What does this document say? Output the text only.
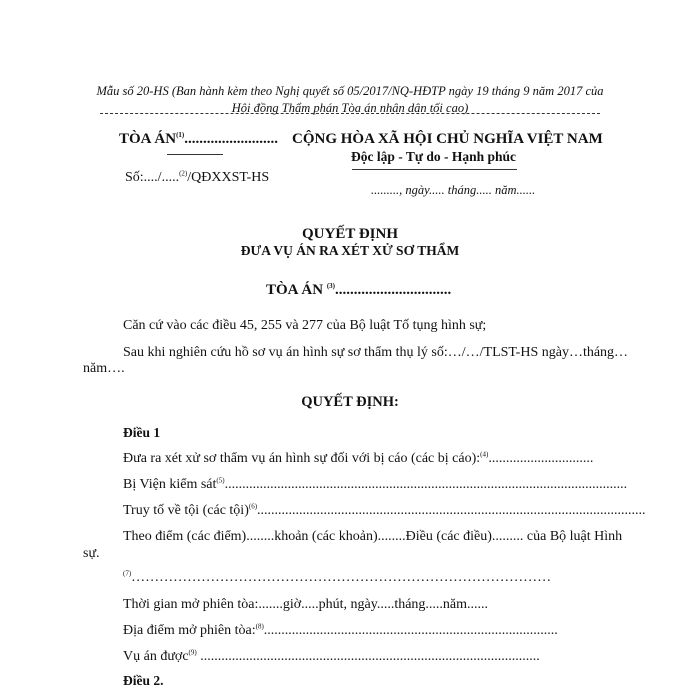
Mẫu số 20-HS (Ban hành kèm theo Nghị quyết số 05/2017/NQ-HĐTP ngày 19 tháng 9 năm 2017 của
Hội đồng Thẩm phán Tòa án nhân dân tối cao)
TÒA ÁN$^{(1)}$.........................
Số:..../.....$^{(2)}$/QĐXXST-HS
CỘNG HÒA XÃ HỘI CHỦ NGHĨA VIỆT NAM
Độc lập - Tự do - Hạnh phúc
........., ngày..... tháng..... năm......
QUYẾT ĐỊNH
ĐƯA VỤ ÁN RA XÉT XỬ SƠ THẨM
TÒA ÁN $^{(3)}$...............................
Căn cứ vào các điều 45, 255 và 277 của Bộ luật Tố tụng hình sự;
Sau khi nghiên cứu hồ sơ vụ án hình sự sơ thẩm thụ lý số:…/…/TLST-HS ngày…tháng…
năm….
QUYẾT ĐỊNH:
Điều 1
Đưa ra xét xử sơ thẩm vụ án hình sự đối với bị cáo (các bị cáo):$^{(4)}$..............................
Bị Viện kiểm sát$^{(5)}$...................................................................................................................
Truy tố về tội (các tội)$^{(6)}$...............................................................................................................
Theo điểm (các điểm)........khoản (các khoản)........Điều (các điều)......... của Bộ luật Hình
sự.
$^{(7)}$………………………………………………………………………………
Thời gian mở phiên tòa:.......giờ.....phút, ngày.....tháng.....năm......
Địa điểm mở phiên tòa:$^{(8)}$....................................................................................
Vụ án được$^{(9)}$ .................................................................................................
Điều 2.
